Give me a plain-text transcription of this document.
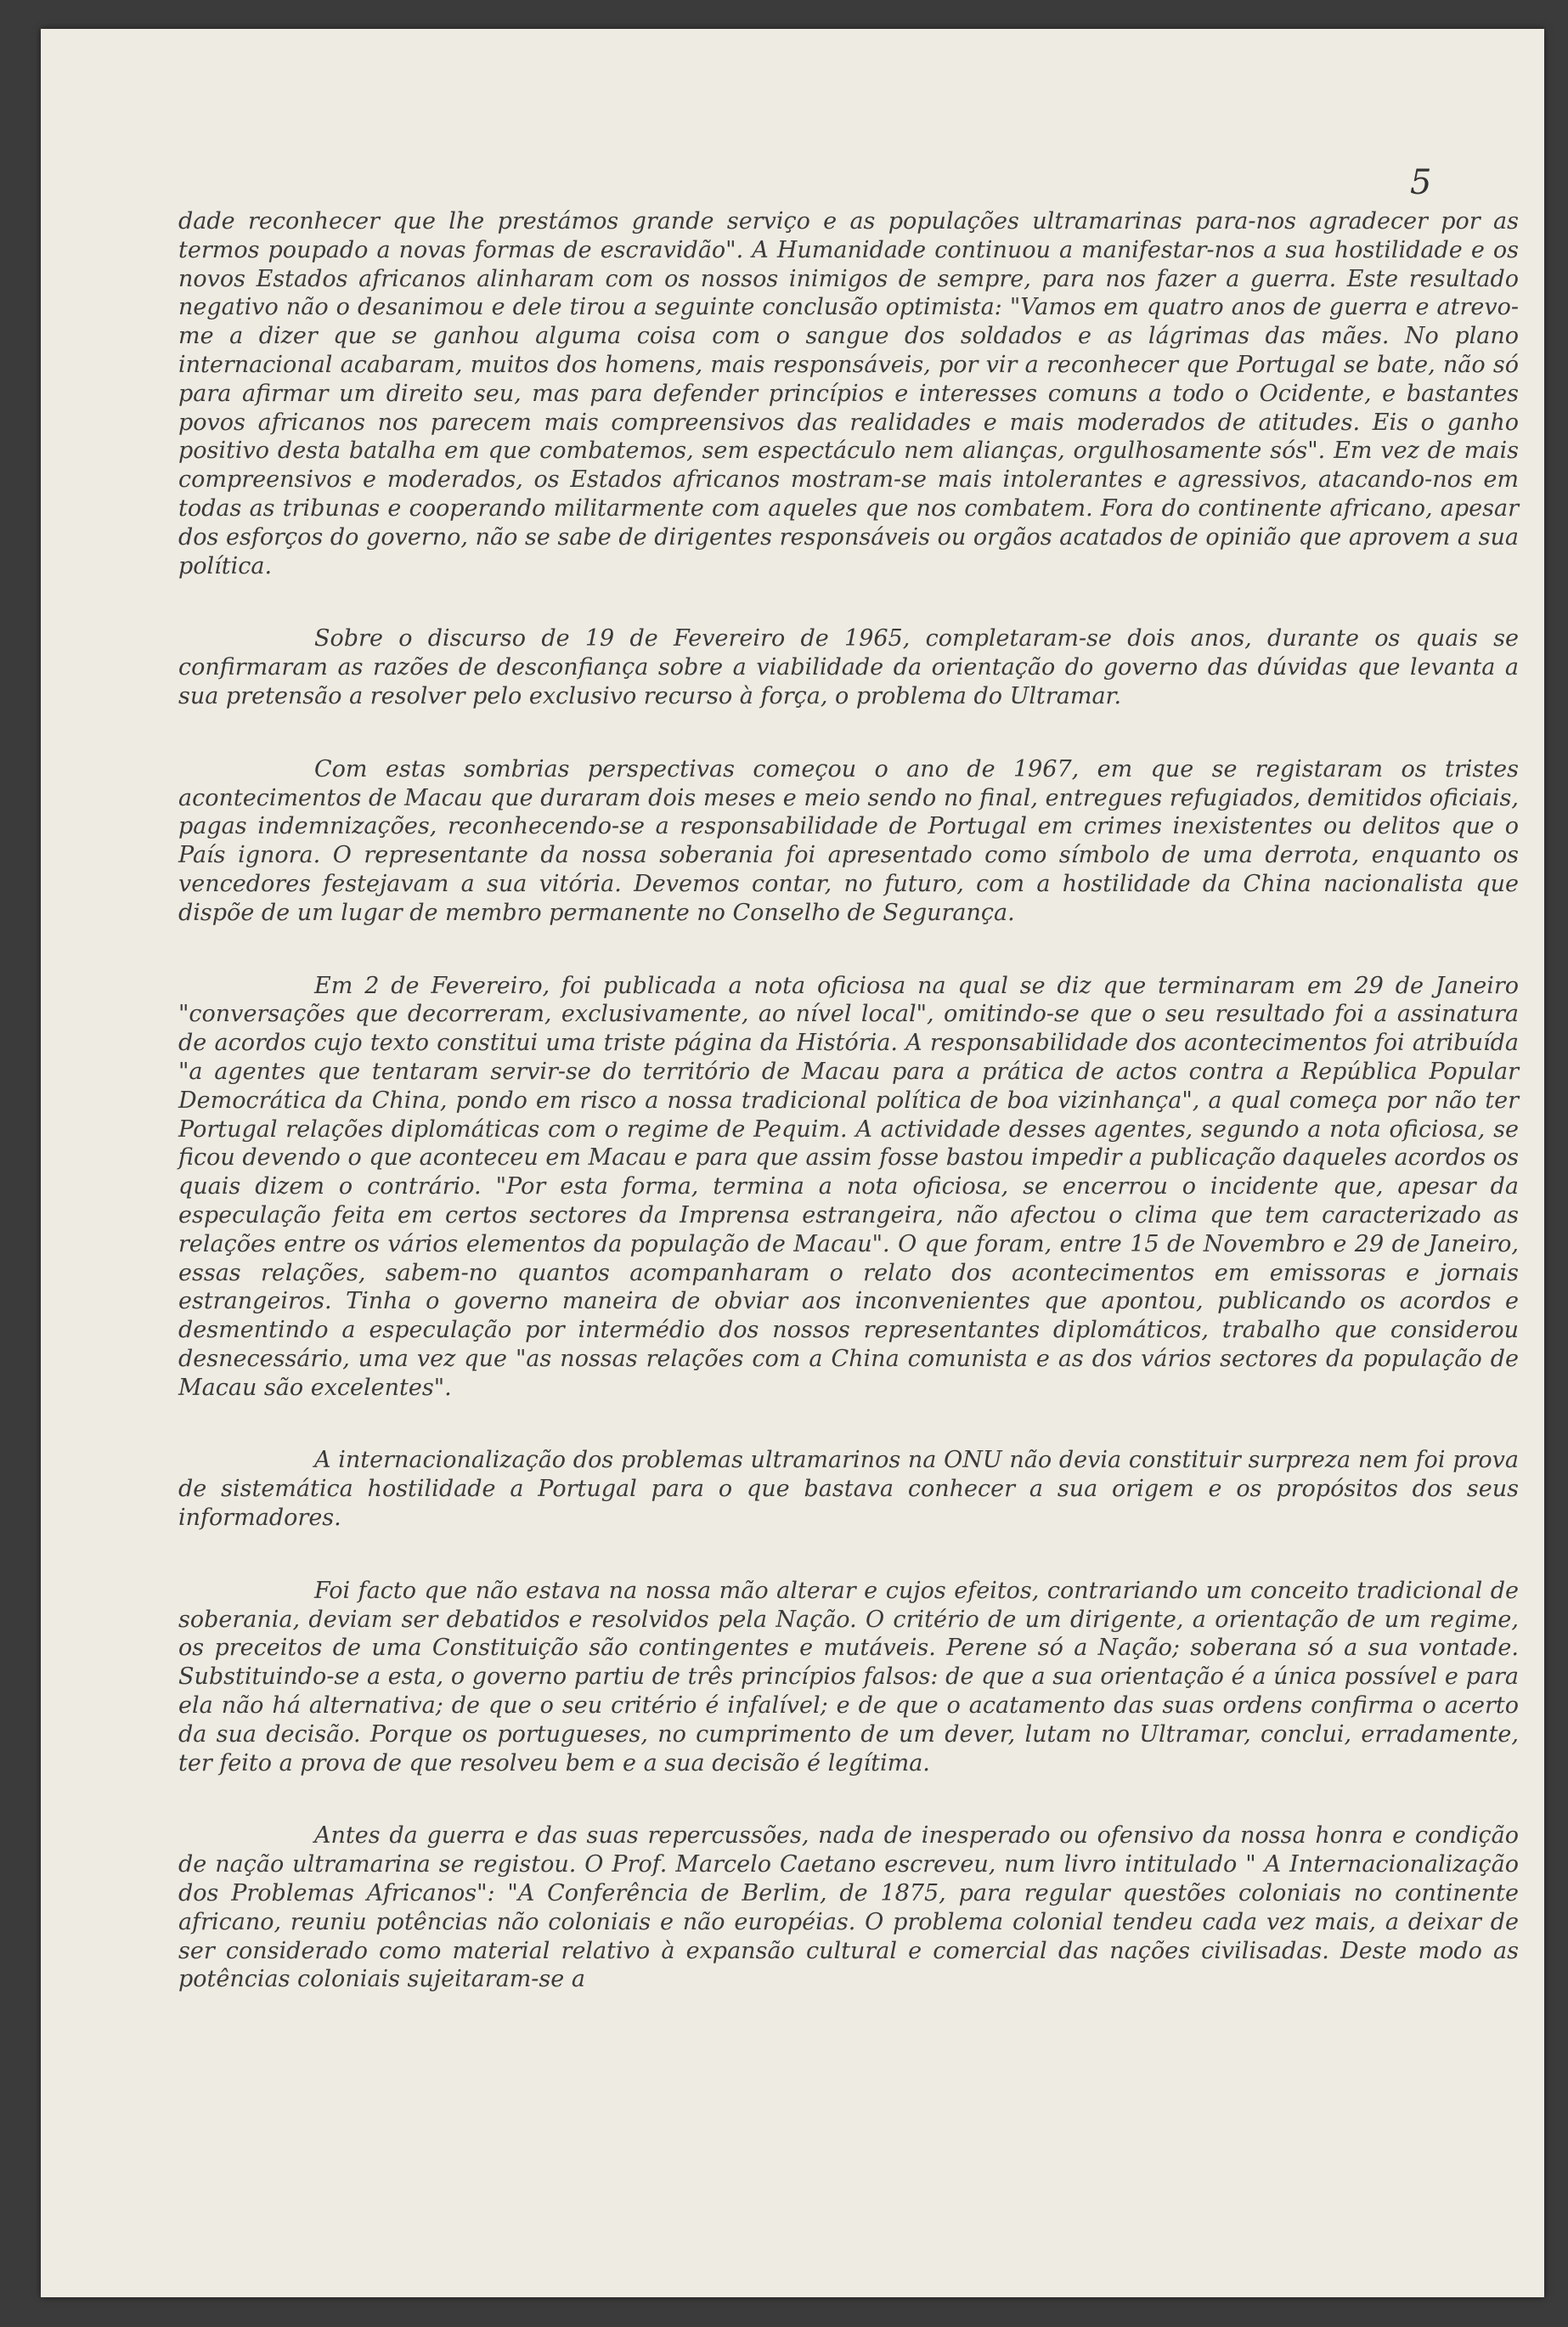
5

dade reconhecer que lhe prestámos grande serviço e as populações ultramarinas para-nos agradecer por as termos poupado a novas formas de escravidão". A Humanidade continuou a manifestar-nos a sua hostilidade e os novos Estados africanos alinharam com os nossos inimigos de sempre, para nos fazer a guerra. Este resultado negativo não o desanimou e dele tirou a seguinte conclusão optimista: "Vamos em quatro anos de guerra e atrevo-me a dizer que se ganhou alguma coisa com o sangue dos soldados e as lágrimas das mães. No plano internacional acabaram, muitos dos homens, mais responsáveis, por vir a reconhecer que Portugal se bate, não só para afirmar um direito seu, mas para defender princípios e interesses comuns a todo o Ocidente, e bastantes povos africanos nos parecem mais compreensivos das realidades e mais moderados de atitudes. Eis o ganho positivo desta batalha em que combatemos, sem espectáculo nem alianças, orgulhosamente sós". Em vez de mais compreensivos e moderados, os Estados africanos mostram-se mais intolerantes e agressivos, atacando-nos em todas as tribunas e cooperando militarmente com aqueles que nos combatem. Fora do continente africano, apesar dos esforços do governo, não se sabe de dirigentes responsáveis ou orgãos acatados de opinião que aprovem a sua política.

Sobre o discurso de 19 de Fevereiro de 1965, completaram-se dois anos, durante os quais se confirmaram as razões de desconfiança sobre a viabilidade da orientação do governo das dúvidas que levanta a sua pretensão a resolver pelo exclusivo recurso à força, o problema do Ultramar.

Com estas sombrias perspectivas começou o ano de 1967, em que se registaram os tristes acontecimentos de Macau que duraram dois meses e meio sendo no final, entregues refugiados, demitidos oficiais, pagas indemnizações, reconhecendo-se a responsabilidade de Portugal em crimes inexistentes ou delitos que o País ignora. O representante da nossa soberania foi apresentado como símbolo de uma derrota, enquanto os vencedores festejavam a sua vitória. Devemos contar, no futuro, com a hostilidade da China nacionalista que dispõe de um lugar de membro permanente no Conselho de Segurança.

Em 2 de Fevereiro, foi publicada a nota oficiosa na qual se diz que terminaram em 29 de Janeiro "conversações que decorreram, exclusivamente, ao nível local", omitindo-se que o seu resultado foi a assinatura de acordos cujo texto constitui uma triste página da História. A responsabilidade dos acontecimentos foi atribuída "a agentes que tentaram servir-se do território de Macau para a prática de actos contra a República Popular Democrática da China, pondo em risco a nossa tradicional política de boa vizinhança", a qual começa por não ter Portugal relações diplomáticas com o regime de Pequim. A actividade desses agentes, segundo a nota oficiosa, se ficou devendo o que aconteceu em Macau e para que assim fosse bastou impedir a publicação daqueles acordos os quais dizem o contrário. "Por esta forma, termina a nota oficiosa, se encerrou o incidente que, apesar da especulação feita em certos sectores da Imprensa estrangeira, não afectou o clima que tem caracterizado as relações entre os vários elementos da população de Macau". O que foram, entre 15 de Novembro e 29 de Janeiro, essas relações, sabem-no quantos acompanharam o relato dos acontecimentos em emissoras e jornais estrangeiros. Tinha o governo maneira de obviar aos inconvenientes que apontou, publicando os acordos e desmentindo a especulação por intermédio dos nossos representantes diplomáticos, trabalho que considerou desnecessário, uma vez que "as nossas relações com a China comunista e as dos vários sectores da população de Macau são excelentes".

A internacionalização dos problemas ultramarinos na ONU não devia constituir surpreza nem foi prova de sistemática hostilidade a Portugal para o que bastava conhecer a sua origem e os propósitos dos seus informadores.

Foi facto que não estava na nossa mão alterar e cujos efeitos, contrariando um conceito tradicional de soberania, deviam ser debatidos e resolvidos pela Nação. O critério de um dirigente, a orientação de um regime, os preceitos de uma Constituição são contingentes e mutáveis. Perene só a Nação; soberana só a sua vontade. Substituindo-se a esta, o governo partiu de três princípios falsos: de que a sua orientação é a única possível e para ela não há alternativa; de que o seu critério é infalível; e de que o acatamento das suas ordens confirma o acerto da sua decisão. Porque os portugueses, no cumprimento de um dever, lutam no Ultramar, conclui, erradamente, ter feito a prova de que resolveu bem e a sua decisão é legítima.

Antes da guerra e das suas repercussões, nada de inesperado ou ofensivo da nossa honra e condição de nação ultramarina se registou. O Prof. Marcelo Caetano escreveu, num livro intitulado " A Internacionalização dos Problemas Africanos": "A Conferência de Berlim, de 1875, para regular questões coloniais no continente africano, reuniu potências não coloniais e não européias. O problema colonial tendeu cada vez mais, a deixar de ser considerado como material relativo à expansão cultural e comercial das nações civilisadas. Deste modo as potências coloniais sujeitaram-se a
